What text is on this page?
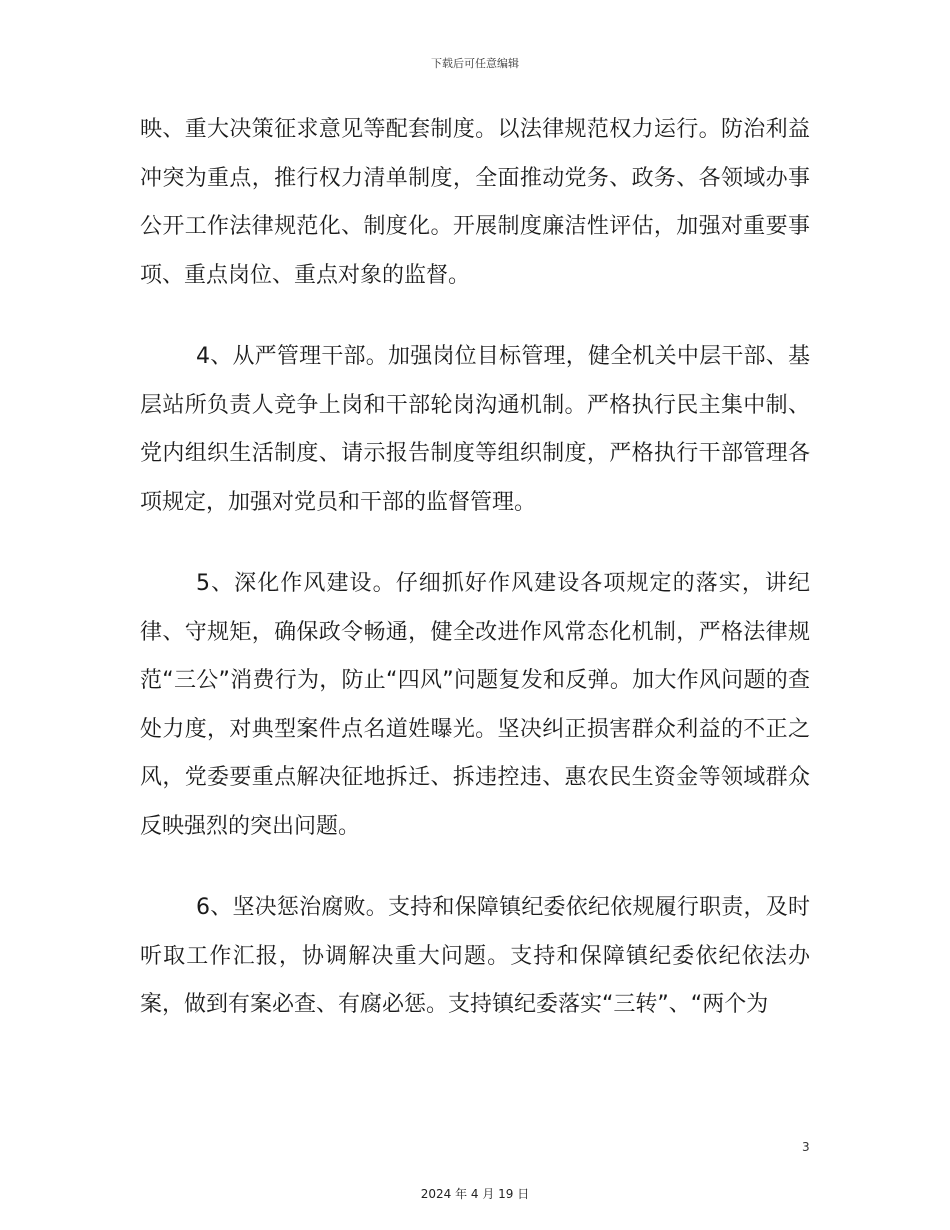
下载后可任意编辑

映、重大决策征求意见等配套制度。以法律规范权力运行。防治利益冲突为重点，推行权力清单制度，全面推动党务、政务、各领域办事公开工作法律规范化、制度化。开展制度廉洁性评估，加强对重要事项、重点岗位、重点对象的监督。

4、从严管理干部。加强岗位目标管理，健全机关中层干部、基层站所负责人竞争上岗和干部轮岗沟通机制。严格执行民主集中制、党内组织生活制度、请示报告制度等组织制度，严格执行干部管理各项规定，加强对党员和干部的监督管理。

5、深化作风建设。仔细抓好作风建设各项规定的落实，讲纪律、守规矩，确保政令畅通，健全改进作风常态化机制，严格法律规范“三公”消费行为，防止“四风”问题复发和反弹。加大作风问题的查处力度，对典型案件点名道姓曝光。坚决纠正损害群众利益的不正之风，党委要重点解决征地拆迁、拆违控违、惠农民生资金等领域群众反映强烈的突出问题。

6、坚决惩治腐败。支持和保障镇纪委依纪依规履行职责，及时听取工作汇报，协调解决重大问题。支持和保障镇纪委依纪依法办案，做到有案必查、有腐必惩。支持镇纪委落实“三转”、“两个为

3
2024 年 4 月 19 日
